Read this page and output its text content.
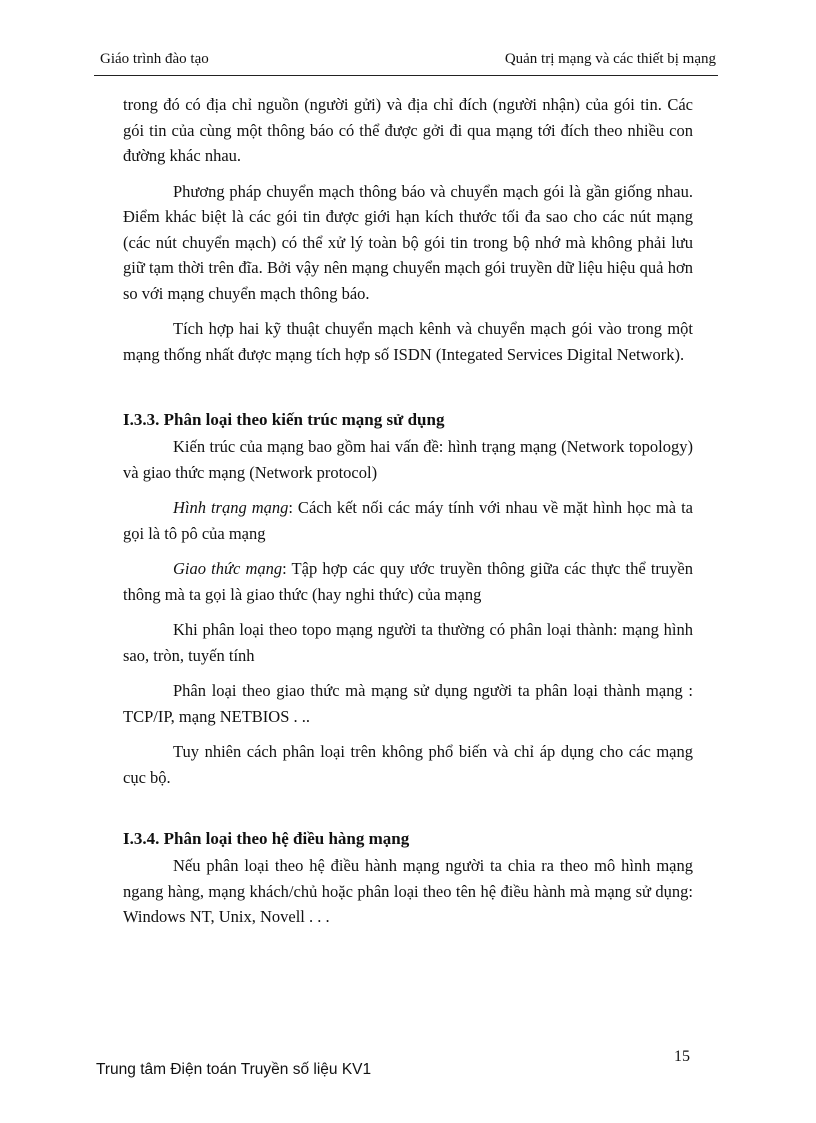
Giáo trình đào tạo	Quản trị mạng và các thiết bị mạng

trong đó có địa chỉ nguồn (người gửi) và địa chỉ đích (người nhận) của gói tin. Các gói tin của cùng một thông báo có thể được gởi đi qua mạng tới đích theo nhiều con đường khác nhau.

Phương pháp chuyển mạch thông báo và chuyển mạch gói là gần giống nhau. Điểm khác biệt là các gói tin được giới hạn kích thước tối đa sao cho các nút mạng (các nút chuyển mạch) có thể xử lý toàn bộ gói tin trong bộ nhớ mà không phải lưu giữ tạm thời trên đĩa. Bởi vậy nên mạng chuyển mạch gói truyền dữ liệu hiệu quả hơn so với mạng chuyển mạch thông báo.

Tích hợp hai kỹ thuật chuyển mạch kênh và chuyển mạch gói vào trong một mạng thống nhất được mạng tích hợp số ISDN (Integated Services Digital Network).

I.3.3. Phân loại theo kiến trúc mạng sử dụng

Kiến trúc của mạng bao gồm hai vấn đề: hình trạng mạng (Network topology) và giao thức mạng (Network protocol)

Hình trạng mạng: Cách kết nối các máy tính với nhau về mặt hình học mà ta gọi là tô pô của mạng

Giao thức mạng: Tập hợp các quy ước truyền thông giữa các thực thể truyền thông mà ta gọi là giao thức (hay nghi thức) của mạng

Khi phân loại theo topo mạng người ta thường có phân loại thành: mạng hình sao, tròn, tuyến tính

Phân loại theo giao thức mà mạng sử dụng người ta phân loại thành mạng : TCP/IP, mạng NETBIOS . ..

Tuy nhiên cách phân loại trên không phổ biến và chỉ áp dụng cho các mạng cục bộ.

I.3.4. Phân loại theo hệ điều hàng mạng

Nếu phân loại theo hệ điều hành mạng người ta chia ra theo mô hình mạng ngang hàng, mạng khách/chủ hoặc phân loại theo tên hệ điều hành mà mạng sử dụng: Windows NT, Unix, Novell . . .

Trung tâm Điện toán Truyền số liệu KV1
15
